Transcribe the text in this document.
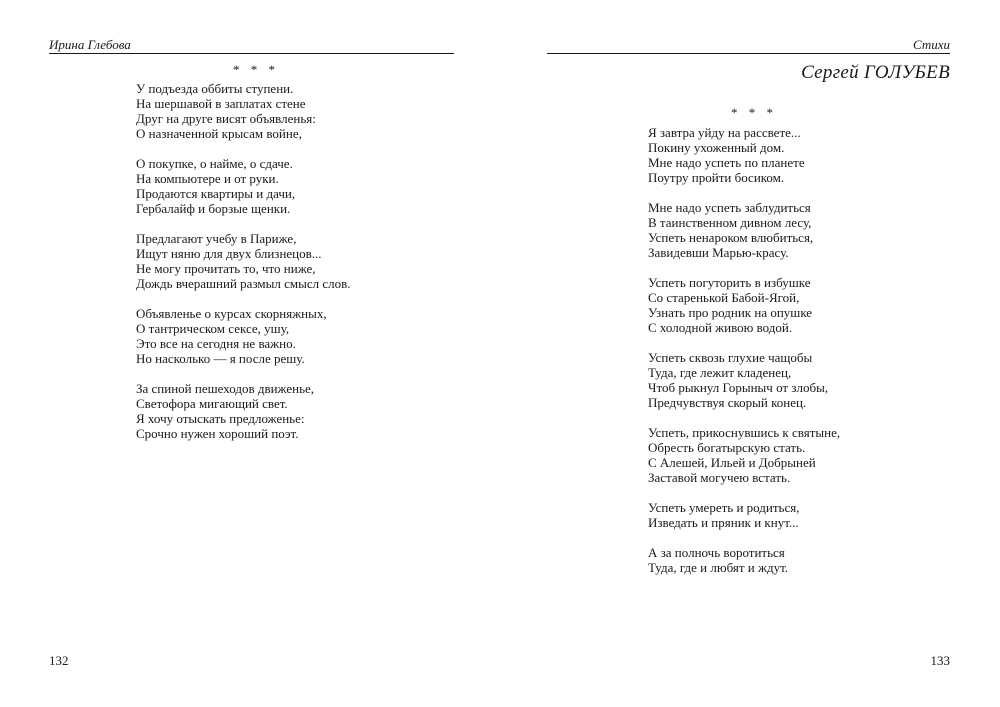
Ирина Глебова
* * *
У подъезда оббиты ступени.
На шершавой в заплатах стене
Друг на друге висят объявленья:
О назначенной крысам войне,
О покупке, о найме, о сдаче.
На компьютере и от руки.
Продаются квартиры и дачи,
Гербалайф и борзые щенки.
Предлагают учебу в Париже,
Ищут няню для двух близнецов...
Не могу прочитать то, что ниже,
Дождь вчерашний размыл смысл слов.
Объявленье о курсах скорняжных,
О тантрическом сексе, ушу,
Это все на сегодня не важно.
Но насколько — я после решу.
За спиной пешеходов движенье,
Светофора мигающий свет.
Я хочу отыскать предложенье:
Срочно нужен хороший поэт.
132
Стихи
Сергей ГОЛУБЕВ
* * *
Я завтра уйду на рассвете...
Покину ухоженный дом.
Мне надо успеть по планете
Поутру пройти босиком.
Мне надо успеть заблудиться
В таинственном дивном лесу,
Успеть ненароком влюбиться,
Завидевши Марью-красу.
Успеть погуторить в избушке
Со старенькой Бабой-Ягой,
Узнать про родник на опушке
С холодной живою водой.
Успеть сквозь глухие чащобы
Туда, где лежит кладенец,
Чтоб рыкнул Горыныч от злобы,
Предчувствуя скорый конец.
Успеть, прикоснувшись к святыне,
Обресть богатырскую стать.
С Алешей, Ильей и Добрыней
Заставой могучею встать.
Успеть умереть и родиться,
Изведать и пряник и кнут...
А за полночь воротиться
Туда, где и любят и ждут.
133
